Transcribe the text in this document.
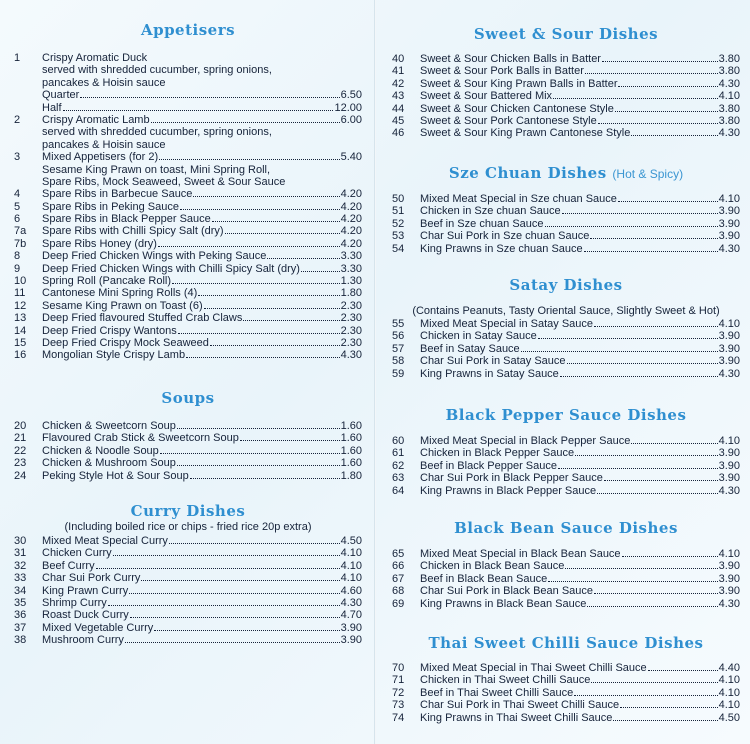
Appetisers
1	Crispy Aromatic Duck
served with shredded cucumber, spring onions,
pancakes & Hoisin sauce
Quarter	6.50
Half	12.00
2	Crispy Aromatic Lamb	6.00
served with shredded cucumber, spring onions,
pancakes & Hoisin sauce
3	Mixed Appetisers (for 2)	5.40
Sesame King Prawn on toast, Mini Spring Roll,
Spare Ribs, Mock Seaweed, Sweet & Sour Sauce
4	Spare Ribs in Barbecue Sauce	4.20
5	Spare Ribs in Peking Sauce	4.20
6	Spare Ribs in Black Pepper Sauce	4.20
7a	Spare Ribs with Chilli Spicy Salt (dry)	4.20
7b	Spare Ribs Honey (dry)	4.20
8	Deep Fried Chicken Wings with Peking Sauce	3.30
9	Deep Fried Chicken Wings with Chilli Spicy Salt (dry)	3.30
10	Spring Roll (Pancake Roll)	1.30
11	Cantonese Mini Spring Rolls (4)	1.80
12	Sesame King Prawn on Toast (6)	2.30
13	Deep Fried flavoured Stuffed Crab Claws	2.30
14	Deep Fried Crispy Wantons	2.30
15	Deep Fried Crispy Mock Seaweed	2.30
16	Mongolian Style Crispy Lamb	4.30
Soups
20	Chicken & Sweetcorn Soup	1.60
21	Flavoured Crab Stick & Sweetcorn Soup	1.60
22	Chicken & Noodle Soup	1.60
23	Chicken & Mushroom Soup	1.60
24	Peking Style Hot & Sour Soup	1.80
Curry Dishes
(Including boiled rice or chips - fried rice 20p extra)
30	Mixed Meat Special Curry	4.50
31	Chicken Curry	4.10
32	Beef Curry	4.10
33	Char Sui Pork Curry	4.10
34	King Prawn Curry	4.60
35	Shrimp Curry	4.30
36	Roast Duck Curry	4.70
37	Mixed Vegetable Curry	3.90
38	Mushroom Curry	3.90
Sweet & Sour Dishes
40	Sweet & Sour Chicken Balls in Batter	3.80
41	Sweet & Sour Pork Balls in Batter	3.80
42	Sweet & Sour King Prawn Balls in Batter	4.30
43	Sweet & Sour Battered Mix	4.10
44	Sweet & Sour Chicken Cantonese Style	3.80
45	Sweet & Sour Pork Cantonese Style	3.80
46	Sweet & Sour King Prawn Cantonese Style	4.30
Sze Chuan Dishes (Hot & Spicy)
50	Mixed Meat Special in Sze chuan Sauce	4.10
51	Chicken in Sze chuan Sauce	3.90
52	Beef in Sze chuan Sauce	3.90
53	Char Sui Pork in Sze chuan Sauce	3.90
54	King Prawns in Sze chuan Sauce	4.30
Satay Dishes
(Contains Peanuts, Tasty Oriental Sauce, Slightly Sweet & Hot)
55	Mixed Meat Special in Satay Sauce	4.10
56	Chicken in Satay Sauce	3.90
57	Beef in Satay Sauce	3.90
58	Char Sui Pork in Satay Sauce	3.90
59	King Prawns in Satay Sauce	4.30
Black Pepper Sauce Dishes
60	Mixed Meat Special in Black Pepper Sauce	4.10
61	Chicken in Black Pepper Sauce	3.90
62	Beef in Black Pepper Sauce	3.90
63	Char Sui Pork in Black Pepper Sauce	3.90
64	King Prawns in Black Pepper Sauce	4.30
Black Bean Sauce Dishes
65	Mixed Meat Special in Black Bean Sauce	4.10
66	Chicken in Black Bean Sauce	3.90
67	Beef in Black Bean Sauce	3.90
68	Char Sui Pork in Black Bean Sauce	3.90
69	King Prawns in Black Bean Sauce	4.30
Thai Sweet Chilli Sauce Dishes
70	Mixed Meat Special in Thai Sweet Chilli Sauce	4.40
71	Chicken in Thai Sweet Chilli Sauce	4.10
72	Beef in Thai Sweet Chilli Sauce	4.10
73	Char Sui Pork in Thai Sweet Chilli Sauce	4.10
74	King Prawns in Thai Sweet Chilli Sauce	4.50
